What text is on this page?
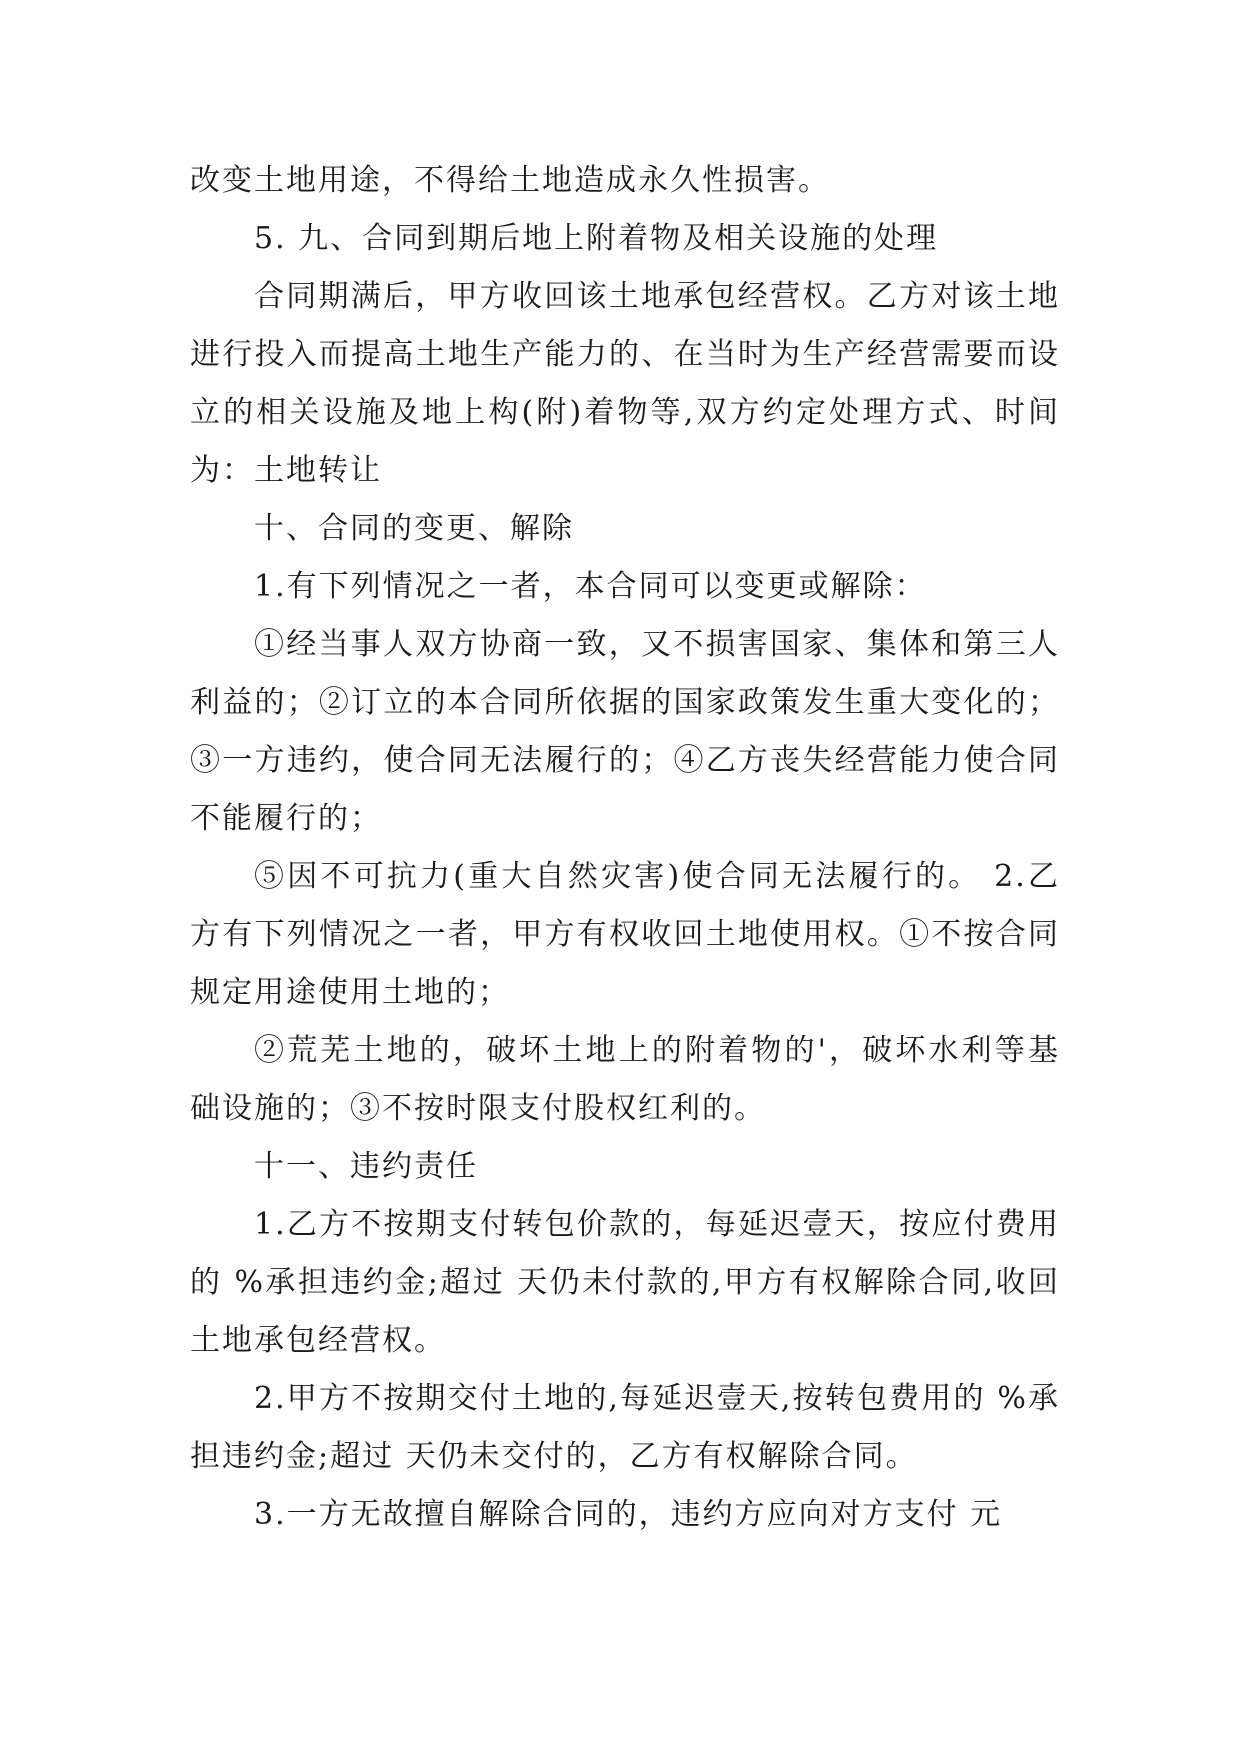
改变土地用途，不得给土地造成永久性损害。

5. 九、合同到期后地上附着物及相关设施的处理

合同期满后，甲方收回该土地承包经营权。乙方对该土地进行投入而提高土地生产能力的、在当时为生产经营需要而设立的相关设施及地上构(附)着物等,双方约定处理方式、时间为：土地转让

十、合同的变更、解除

1.有下列情况之一者，本合同可以变更或解除：

①经当事人双方协商一致，又不损害国家、集体和第三人利益的；②订立的本合同所依据的国家政策发生重大变化的；③一方违约，使合同无法履行的；④乙方丧失经营能力使合同不能履行的；

⑤因不可抗力(重大自然灾害)使合同无法履行的。 2.乙方有下列情况之一者，甲方有权收回土地使用权。①不按合同规定用途使用土地的；

②荒芜土地的，破坏土地上的附着物的'，破坏水利等基础设施的；③不按时限支付股权红利的。

十一、违约责任

1.乙方不按期支付转包价款的，每延迟壹天，按应付费用的 %承担违约金;超过 天仍未付款的,甲方有权解除合同,收回土地承包经营权。

2.甲方不按期交付土地的,每延迟壹天,按转包费用的 %承担违约金;超过 天仍未交付的，乙方有权解除合同。

3.一方无故擅自解除合同的，违约方应向对方支付 元
